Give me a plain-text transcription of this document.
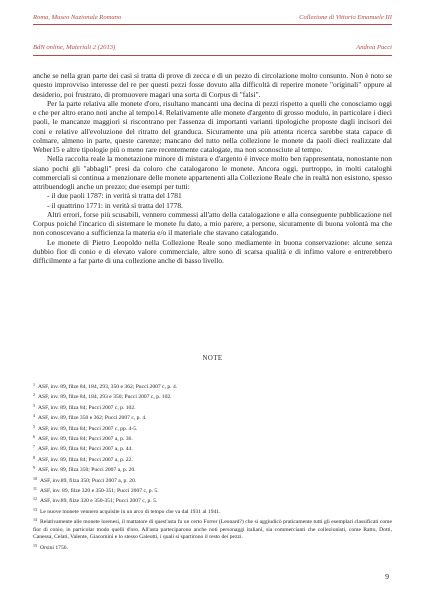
Roma, Museo Nazionale Romano	Collezione di Vittorio Emanuele III
BdN online, Materiali 2 (2013)	Andrea Pucci

anche se nella gran parte dei casi si tratta di prove di zecca e di un pezzo di circolazione molto consunto. Non è noto se questo improvviso interesse del re per questi pezzi fosse dovuto alla difficoltà di reperire monete "originali" oppure al desiderio, poi frustrato, di promuovere magari una sorta di Corpus di "falsi".

Per la parte relativa alle monete d'oro, risultano mancanti una decina di pezzi rispetto a quelli che conosciamo oggi e che per altro erano noti anche al tempo14. Relativamente alle monete d'argento di grosso modulo, in particolare i dieci paoli, le mancanze maggiori si riscontrano per l'assenza di importanti varianti tipologiche proposte dagli incisori dei coni e relative all'evoluzione del ritratto del granduca. Sicuramente una più attenta ricerca sarebbe stata capace di colmare, almeno in parte, queste carenze; mancano del tutto nella collezione le monete da paoli dieci realizzate dal Weber15 e altre tipologie più o meno rare recentemente catalogate, ma non sconosciute al tempo.

Nella raccolta reale la monetazione minore di mistura e d'argento è invece molto ben rappresentata, nonostante non siano pochi gli "abbagli" presi da coloro che catalogarono le monete. Ancora oggi, purtroppo, in molti cataloghi commerciali si continua a menzionare delle monete appartenenti alla Collezione Reale che in realtà non esistono, spesso attribuendogli anche un prezzo; due esempi per tutti:

- il due paoli 1787: in verità si tratta del 1781
- il quattrino 1771: in verità si tratta del 1778.

Altri errori, forse più scusabili, vennero commessi all'atto della catalogazione e alla conseguente pubblicazione nel Corpus poiché l'incarico di sistemare le monete fu dato, a mio parere, a persone, sicuramente di buona volontà ma che non conoscevano a sufficienza la materia e/o il materiale che stavano catalogando.

Le monete di Pietro Leopoldo nella Collezione Reale sono mediamente in buona conservazione: alcune senza dubbio fior di conio e di elevato valore commerciale, altre sono di scarsa qualità e di infimo valore e entrerebbero difficilmente a far parte di una collezione anche di basso livello.

NOTE
$^1$ ASF, inv. 89, filze 84, 184, 293, 350 e 362; Pucci 2007 c, p. 4.
$^2$ ASF, inv. 89, filze 84, 184, 293 e 350; Pucci 2007 c, p. 102.
$^3$ ASF, inv. 89, filza 84; Pucci 2007 c, p. 102.
$^4$ ASF, inv. 89, filze 350 e 362; Pucci 2007 c, p. 4.
$^5$ ASF, inv. 89, filza 84; Pucci 2007 c, pp. 4-5.
$^6$ ASF, inv. 89, filza 84; Pucci 2007 a, p. 36.
$^7$ ASF, inv. 89, filza 84; Pucci 2007 a, p. 44.
$^8$ ASF, inv. 89, filza 84; Pucci 2007 a, p. 22.
$^9$ ASF, inv. 89, filza 350; Pucci 2007 a, p. 20.
$^{10}$ ASF, inv.89, filza 350; Pucci 2007 a, p. 20.
$^{11}$ ASF, inv. 89, filze 320 e 350-351; Pucci 2007 c, p. 5.
$^{12}$ ASF, inv.89, filze 320 e 350-351; Pucci 2007 c, p. 5.
$^{13}$ Le nuove monete vennero acquisite in un arco di tempo che va dal 1931 al 1941.
$^{14}$ Relativamente alle monete lorenesi, il mattatore di quest'asta fu un certo Forrer (Leonard?) che si aggiudicò praticamente tutti gli esemplari classificati come fior di conio, in particolar modo quelli d'oro. All'asta parteciparono anche noti personaggi italiani, sia commercianti che collezionisti, come Ratto, Dotti, Canessa, Celati, Valente, Giacomini e lo stesso Galeotti, i quali si spartirono il resto dei pezzi.
$^{15}$ Orsini 1756.
9
